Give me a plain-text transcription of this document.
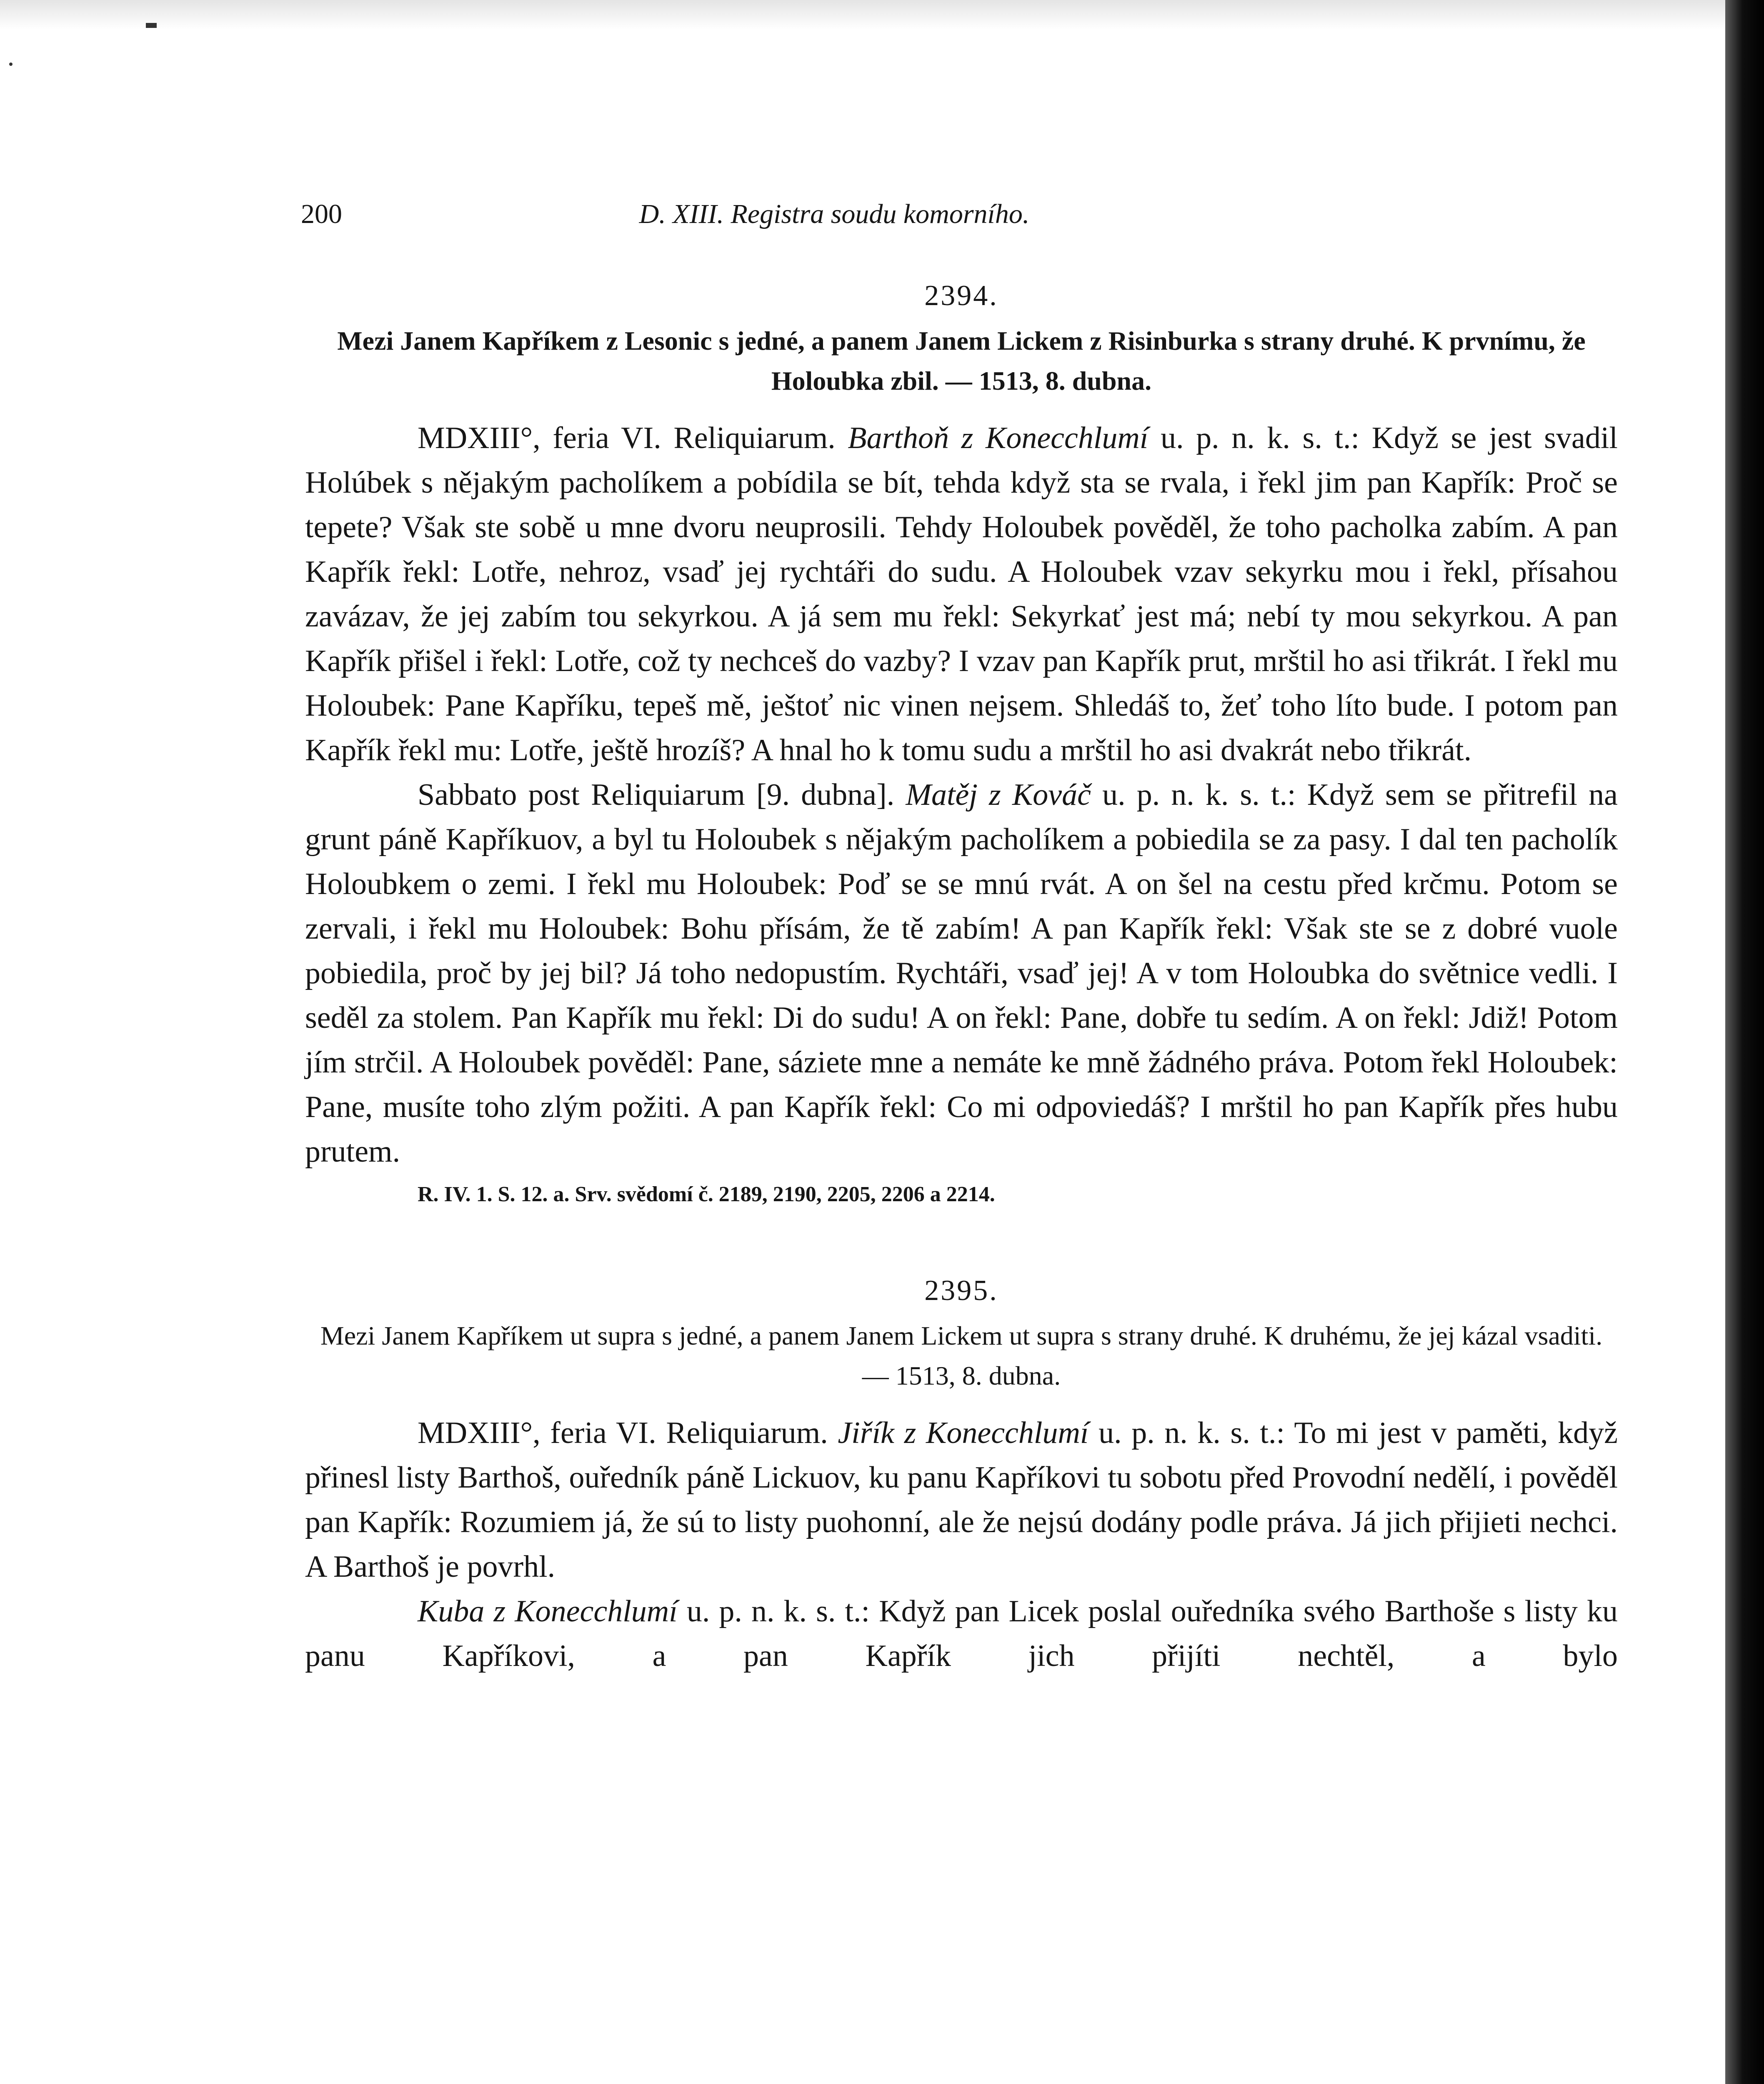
200	D. XIII. Registra soudu komorního.
2394.
Mezi Janem Kapříkem z Lesonic s jedné, a panem Janem Lickem z Risinburka s strany druhé. K prvnímu, že Holoubka zbil. — 1513, 8. dubna.

MDXIII°, feria VI. Reliquiarum. Barthoň z Konecchlumí u. p. n. k. s. t.: Když se jest svadil Holúbek s nějakým pacholíkem a pobídila se bít, tehda když sta se rvala, i řekl jim pan Kapřík: Proč se tepete? Však ste sobě u mne dvoru neuprosili. Tehdy Holoubek pověděl, že toho pacholka zabím. A pan Kapřík řekl: Lotře, nehroz, vsaď jej rychtáři do sudu. A Holoubek vzav sekyrku mou i řekl, přísahou zavázav, že jej zabím tou sekyrkou. A já sem mu řekl: Sekyrkať jest má; nebí ty mou sekyrkou. A pan Kapřík přišel i řekl: Lotře, což ty nechceš do vazby? I vzav pan Kapřík prut, mrštil ho asi třikrát. I řekl mu Holoubek: Pane Kapříku, tepeš mě, ještoť nic vinen nejsem. Shledáš to, žeť toho líto bude. I potom pan Kapřík řekl mu: Lotře, ještě hrozíš? A hnal ho k tomu sudu a mrštil ho asi dvakrát nebo třikrát.

Sabbato post Reliquiarum [9. dubna]. Matěj z Kováč u. p. n. k. s. t.: Když sem se přitrefil na grunt páně Kapříkuov, a byl tu Holoubek s nějakým pacholíkem a pobiedila se za pasy. I dal ten pacholík Holoubkem o zemi. I řekl mu Holoubek: Poď se se mnú rvát. A on šel na cestu před krčmu. Potom se zervali, i řekl mu Holoubek: Bohu přísám, že tě zabím! A pan Kapřík řekl: Však ste se z dobré vuole pobiedila, proč by jej bil? Já toho nedopustím. Rychtáři, vsaď jej! A v tom Holoubka do světnice vedli. I seděl za stolem. Pan Kapřík mu řekl: Di do sudu! A on řekl: Pane, dobře tu sedím. A on řekl: Jdiž! Potom jím strčil. A Holoubek pověděl: Pane, sáziete mne a nemáte ke mně žádného práva. Potom řekl Holoubek: Pane, musíte toho zlým požiti. A pan Kapřík řekl: Co mi odpoviedáš? I mrštil ho pan Kapřík přes hubu prutem.

R. IV. 1. S. 12. a. Srv. svědomí č. 2189, 2190, 2205, 2206 a 2214.
2395.
Mezi Janem Kapříkem ut supra s jedné, a panem Janem Lickem ut supra s strany druhé. K druhému, že jej kázal vsaditi. — 1513, 8. dubna.

MDXIII°, feria VI. Reliquiarum. Jiřík z Konecchlumí u. p. n. k. s. t.: To mi jest v paměti, když přinesl listy Barthoš, ouředník páně Lickuov, ku panu Kapříkovi tu sobotu před Provodní nedělí, i pověděl pan Kapřík: Rozumiem já, že sú to listy puohonní, ale že nejsú dodány podle práva. Já jich přijieti nechci. A Barthoš je povrhl.

Kuba z Konecchlumí u. p. n. k. s. t.: Když pan Licek poslal ouředníka svého Barthoše s listy ku panu Kapříkovi, a pan Kapřík jich přijíti nechtěl, a bylo
